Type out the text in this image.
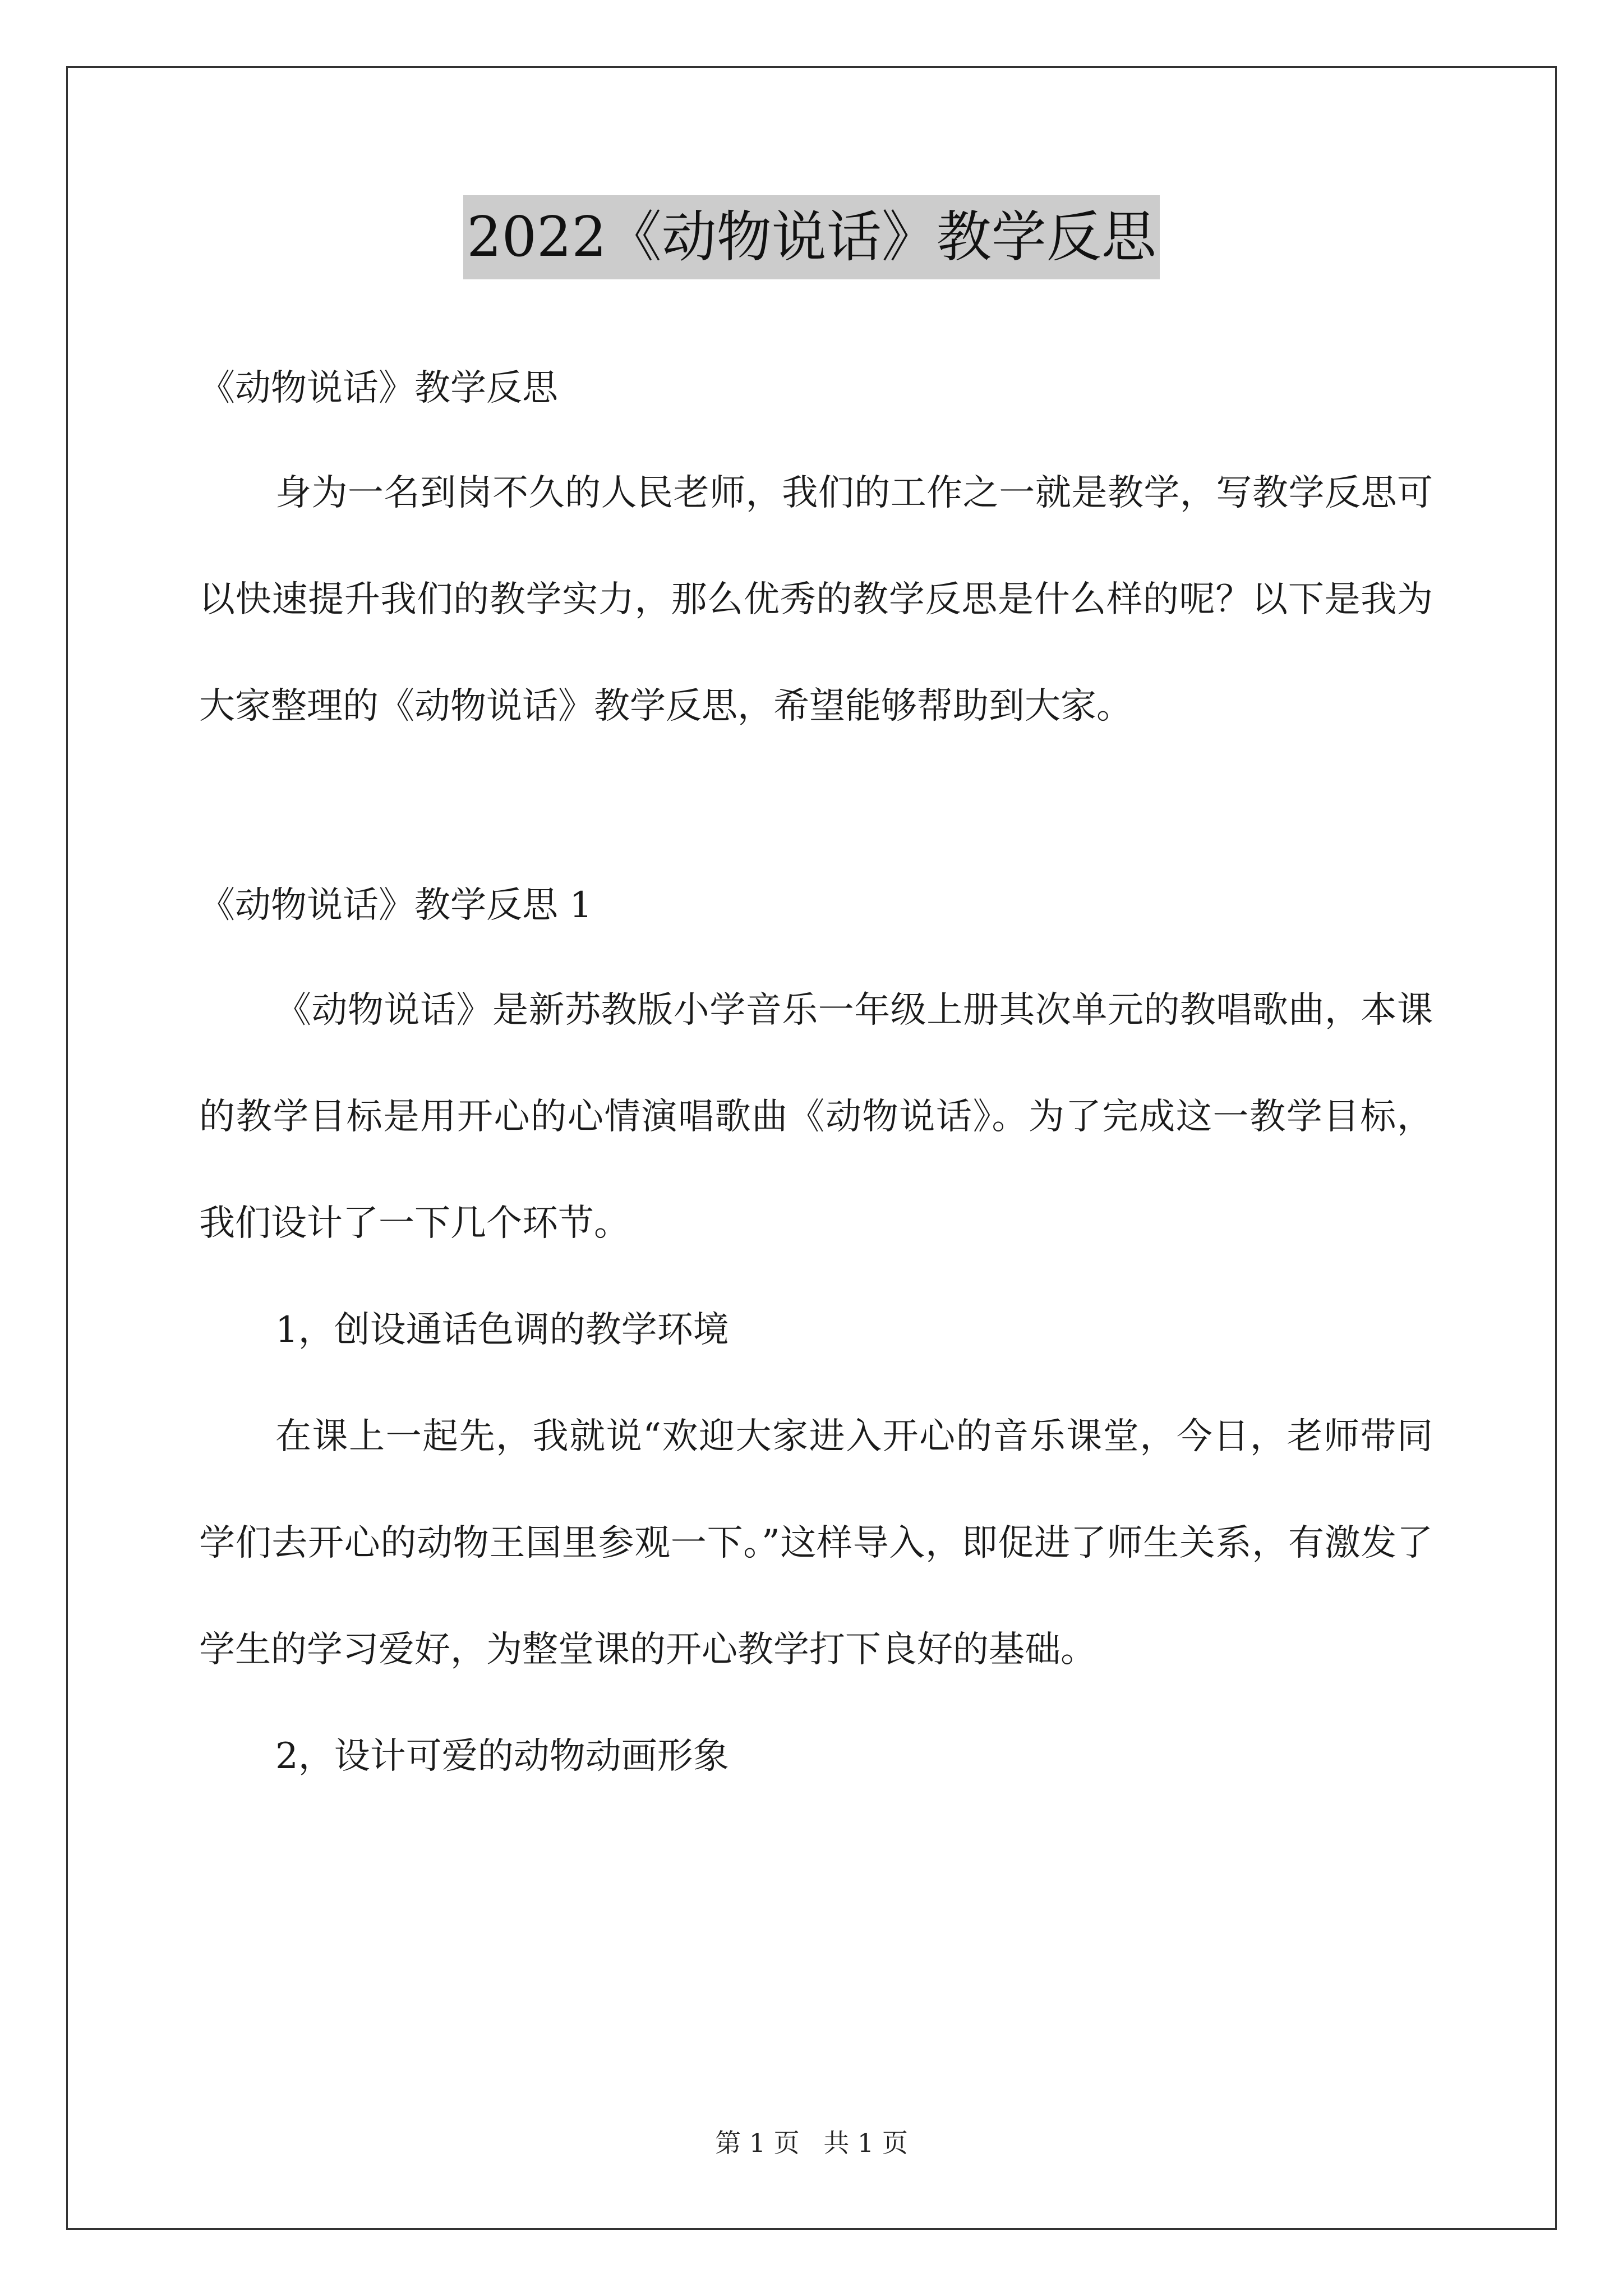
2022《动物说话》教学反思

《动物说话》教学反思

身为一名到岗不久的人民老师，我们的工作之一就是教学，写教学反思可以快速提升我们的教学实力，那么优秀的教学反思是什么样的呢？以下是我为大家整理的《动物说话》教学反思，希望能够帮助到大家。

《动物说话》教学反思 1

《动物说话》是新苏教版小学音乐一年级上册其次单元的教唱歌曲，本课的教学目标是用开心的心情演唱歌曲《动物说话》。为了完成这一教学目标，我们设计了一下几个环节。

1，创设通话色调的教学环境

在课上一起先，我就说“欢迎大家进入开心的音乐课堂，今日，老师带同学们去开心的动物王国里参观一下。”这样导入，即促进了师生关系，有激发了学生的学习爱好，为整堂课的开心教学打下良好的基础。

2，设计可爱的动物动画形象

第 1 页 共 1 页
